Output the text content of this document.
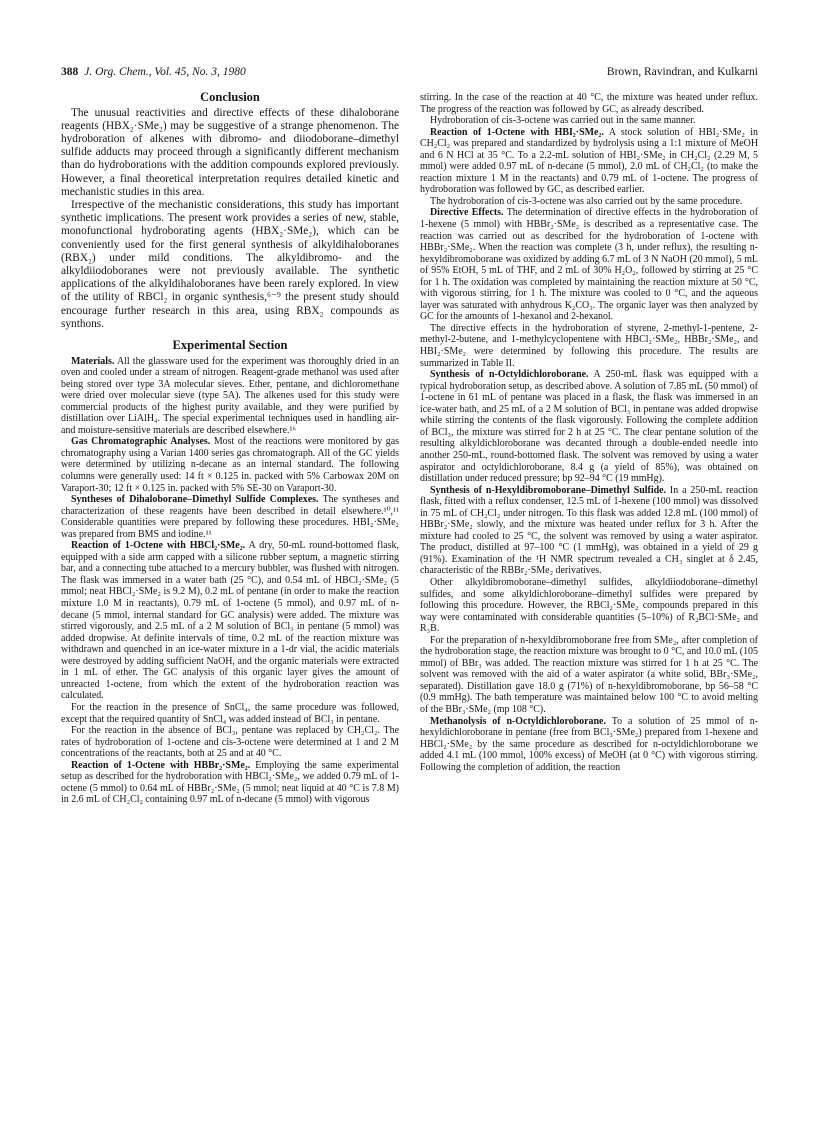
388 J. Org. Chem., Vol. 45, No. 3, 1980	Brown, Ravindran, and Kulkarni
Conclusion

The unusual reactivities and directive effects of these dihaloborane reagents (HBX₂·SMe₂) may be suggestive of a strange phenomenon. The hydroboration of alkenes with dibromo- and diiodoborane–dimethyl sulfide adducts may proceed through a significantly different mechanism than do hydroborations with the addition compounds explored previously. However, a final theoretical interpretation requires detailed kinetic and mechanistic studies in this area.

Irrespective of the mechanistic considerations, this study has important synthetic implications. The present work provides a series of new, stable, monofunctional hydroborating agents (HBX₂·SMe₂), which can be conveniently used for the first general synthesis of alkyldihaloboranes (RBX₂) under mild conditions. The alkyldibromo- and the alkyldiiodoboranes were not previously available. The synthetic applications of the alkyldihaloboranes have been rarely explored. In view of the utility of RBCl₂ in organic synthesis,⁶⁻⁹ the present study should encourage further research in this area, using RBX₂ compounds as synthons.

Experimental Section

Materials. All the glassware used for the experiment was thoroughly dried in an oven and cooled under a stream of nitrogen. Reagent-grade methanol was used after being stored over type 3A molecular sieves. Ether, pentane, and dichloromethane were dried over molecular sieve (type 5A). The alkenes used for this study were commercial products of the highest purity available, and they were purified by distillation over LiAlH₄. The special experimental techniques used in handling air- and moisture-sensitive materials are described elsewhere.¹⁶

Gas Chromatographic Analyses. Most of the reactions were monitored by gas chromatography using a Varian 1400 series gas chromatograph. All of the GC yields were determined by utilizing n-decane as an internal standard. The following columns were generally used: 14 ft × 0.125 in. packed with 5% Carbowax 20M on Varaport-30; 12 ft × 0.125 in. packed with 5% SE-30 on Varaport-30.

Syntheses of Dihaloborane–Dimethyl Sulfide Complexes. The syntheses and characterization of these reagents have been described in detail elsewhere.¹⁰,¹¹ Considerable quantities were prepared by following these procedures. HBI₂·SMe₂ was prepared from BMS and iodine.¹¹

Reaction of 1-Octene with HBCl₂·SMe₂. A dry, 50-mL round-bottomed flask, equipped with a side arm capped with a silicone rubber septum, a magnetic stirring bar, and a connecting tube attached to a mercury bubbler, was flushed with nitrogen. The flask was immersed in a water bath (25 °C), and 0.54 mL of HBCl₂·SMe₂ (5 mmol; neat HBCl₂·SMe₂ is 9.2 M), 0.2 mL of pentane (in order to make the reaction mixture 1.0 M in reactants), 0.79 mL of 1-octene (5 mmol), and 0.97 mL of n-decane (5 mmol, internal standard for GC analysis) were added. The mixture was stirred vigorously, and 2.5 mL of a 2 M solution of BCl₃ in pentane (5 mmol) was added dropwise. At definite intervals of time, 0.2 mL of the reaction mixture was withdrawn and quenched in an ice-water mixture in a 1-dr vial, the acidic materials were destroyed by adding sufficient NaOH, and the organic materials were extracted in 1 mL of ether. The GC analysis of this organic layer gives the amount of unreacted 1-octene, from which the extent of the hydroboration reaction was calculated.

For the reaction in the presence of SnCl₄, the same procedure was followed, except that the required quantity of SnCl₄ was added instead of BCl₃ in pentane.

For the reaction in the absence of BCl₃, pentane was replaced by CH₂Cl₂. The rates of hydroboration of 1-octene and cis-3-octene were determined at 1 and 2 M concentrations of the reactants, both at 25 and at 40 °C.

Reaction of 1-Octene with HBBr₂·SMe₂. Employing the same experimental setup as described for the hydroboration with HBCl₂·SMe₂, we added 0.79 mL of 1-octene (5 mmol) to 0.64 mL of HBBr₂·SMe₂ (5 mmol; neat liquid at 40 °C is 7.8 M) in 2.6 mL of CH₂Cl₂ containing 0.97 mL of n-decane (5 mmol) with vigorous

stirring. In the case of the reaction at 40 °C, the mixture was heated under reflux. The progress of the reaction was followed by GC, as already described.

Hydroboration of cis-3-octene was carried out in the same manner.

Reaction of 1-Octene with HBI₂·SMe₂. A stock solution of HBI₂·SMe₂ in CH₂Cl₂ was prepared and standardized by hydrolysis using a 1:1 mixture of MeOH and 6 N HCl at 35 °C. To a 2.2-mL solution of HBI₂·SMe₂ in CH₂Cl₂ (2.29 M, 5 mmol) were added 0.97 mL of n-decane (5 mmol), 2.0 mL of CH₂Cl₂ (to make the reaction mixture 1 M in the reactants) and 0.79 mL of 1-octene. The progress of hydroboration was followed by GC, as described earlier.

The hydroboration of cis-3-octene was also carried out by the same procedure.

Directive Effects. The determination of directive effects in the hydroboration of 1-hexene (5 mmol) with HBBr₂·SMe₂ is described as a representative case. The reaction was carried out as described for the hydroboration of 1-octene with HBBr₂·SMe₂. When the reaction was complete (3 h, under reflux), the resulting n-hexyldibromoborane was oxidized by adding 6.7 mL of 3 N NaOH (20 mmol), 5 mL of 95% EtOH, 5 mL of THF, and 2 mL of 30% H₂O₂, followed by stirring at 25 °C for 1 h. The oxidation was completed by maintaining the reaction mixture at 50 °C, with vigorous stirring, for 1 h. The mixture was cooled to 0 °C, and the aqueous layer was saturated with anhydrous K₂CO₃. The organic layer was then analyzed by GC for the amounts of 1-hexanol and 2-hexanol.

The directive effects in the hydroboration of styrene, 2-methyl-1-pentene, 2-methyl-2-butene, and 1-methylcyclopentene with HBCl₂·SMe₂, HBBr₂·SMe₂, and HBI₂·SMe₂ were determined by following this procedure. The results are summarized in Table II.

Synthesis of n-Octyldichloroborane. A 250-mL flask was equipped with a typical hydroboration setup, as described above. A solution of 7.85 mL (50 mmol) of 1-octene in 61 mL of pentane was placed in a flask, the flask was immersed in an ice-water bath, and 25 mL of a 2 M solution of BCl₃ in pentane was added dropwise while stirring the contents of the flask vigorously. Following the complete addition of BCl₃, the mixture was stirred for 2 h at 25 °C. The clear pentane solution of the resulting alkyldichloroborane was decanted through a double-ended needle into another 250-mL, round-bottomed flask. The solvent was removed by using a water aspirator and octyldichloroborane, 8.4 g (a yield of 85%), was obtained on distillation under reduced pressure; bp 92–94 °C (19 mmHg).

Synthesis of n-Hexyldibromoborane–Dimethyl Sulfide. In a 250-mL reaction flask, fitted with a reflux condenser, 12.5 mL of 1-hexene (100 mmol) was dissolved in 75 mL of CH₂Cl₂ under nitrogen. To this flask was added 12.8 mL (100 mmol) of HBBr₂·SMe₂ slowly, and the mixture was heated under reflux for 3 h. After the mixture had cooled to 25 °C, the solvent was removed by using a water aspirator. The product, distilled at 97–100 °C (1 mmHg), was obtained in a yield of 29 g (91%). Examination of the ¹H NMR spectrum revealed a CH₃ singlet at δ 2.45, characteristic of the RBBr₂·SMe₂ derivatives.

Other alkyldibromoborane–dimethyl sulfides, alkyldiiodoborane–dimethyl sulfides, and some alkyldichloroborane–dimethyl sulfides were prepared by following this procedure. However, the RBCl₂·SMe₂ compounds prepared in this way were contaminated with considerable quantities (5–10%) of R₂BCl·SMe₂ and R₃B.

For the preparation of n-hexyldibromoborane free from SMe₂, after completion of the hydroboration stage, the reaction mixture was brought to 0 °C, and 10.0 mL (105 mmol) of BBr₃ was added. The reaction mixture was stirred for 1 h at 25 °C. The solvent was removed with the aid of a water aspirator (a white solid, BBr₃·SMe₂, separated). Distillation gave 18.0 g (71%) of n-hexyldibromoborane, bp 56–58 °C (0.9 mmHg). The bath temperature was maintained below 100 °C to avoid melting of the BBr₃·SMe₂ (mp 108 °C).

Methanolysis of n-Octyldichloroborane. To a solution of 25 mmol of n-hexyldichloroborane in pentane (free from BCl₃·SMe₂) prepared from 1-hexene and HBCl₂·SMe₂ by the same procedure as described for n-octyldichloroborane we added 4.1 mL (100 mmol, 100% excess) of MeOH (at 0 °C) with vigorous stirring. Following the completion of addition, the reaction
